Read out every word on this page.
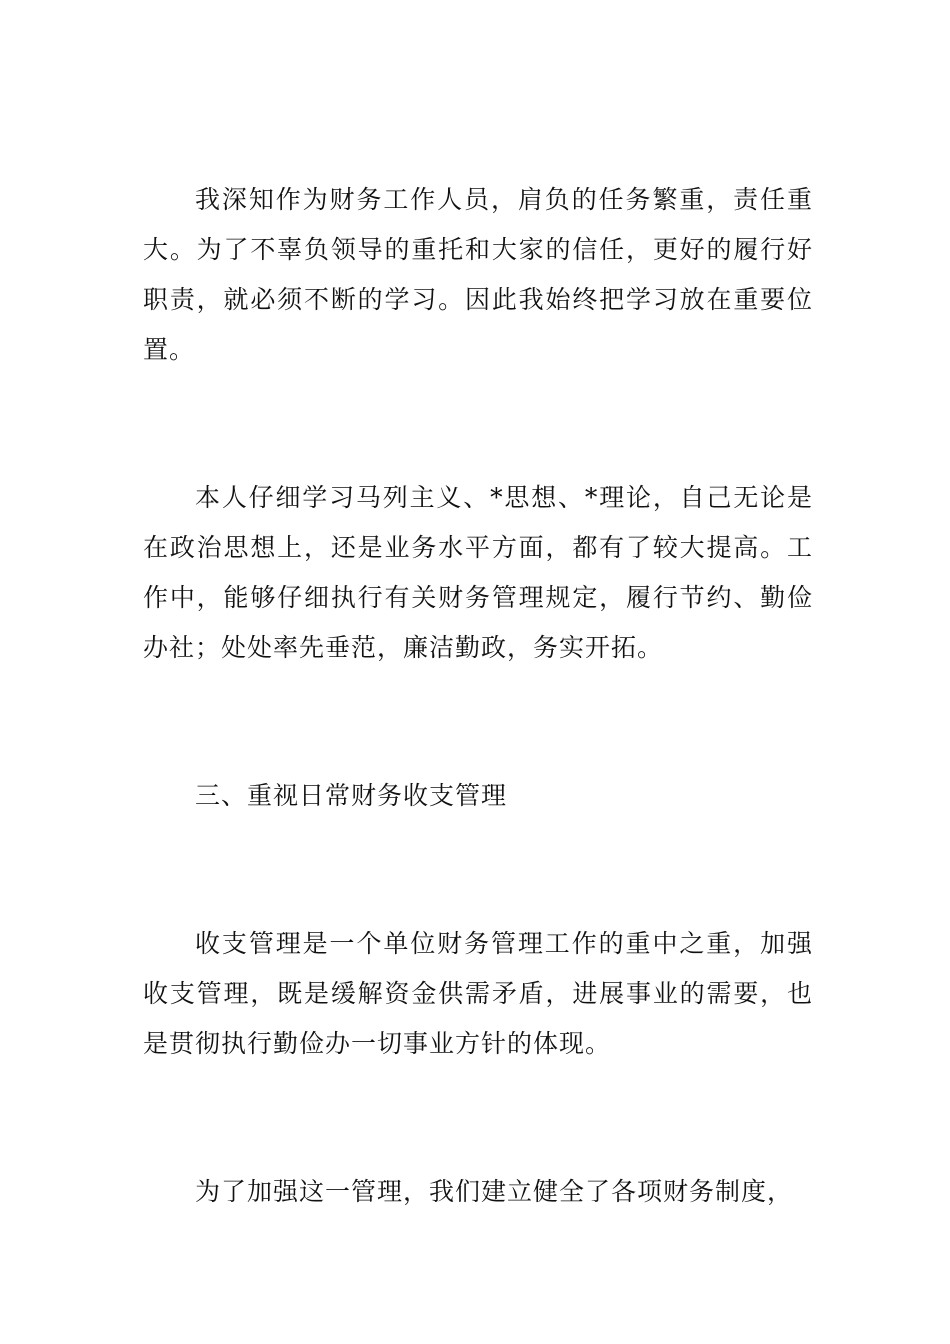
我深知作为财务工作人员，肩负的任务繁重，责任重大。为了不辜负领导的重托和大家的信任，更好的履行好职责，就必须不断的学习。因此我始终把学习放在重要位置。

本人仔细学习马列主义、*思想、*理论，自己无论是在政治思想上，还是业务水平方面，都有了较大提高。工作中，能够仔细执行有关财务管理规定，履行节约、勤俭办社；处处率先垂范，廉洁勤政，务实开拓。

三、重视日常财务收支管理

收支管理是一个单位财务管理工作的重中之重，加强收支管理，既是缓解资金供需矛盾，进展事业的需要，也是贯彻执行勤俭办一切事业方针的体现。

为了加强这一管理，我们建立健全了各项财务制度，
